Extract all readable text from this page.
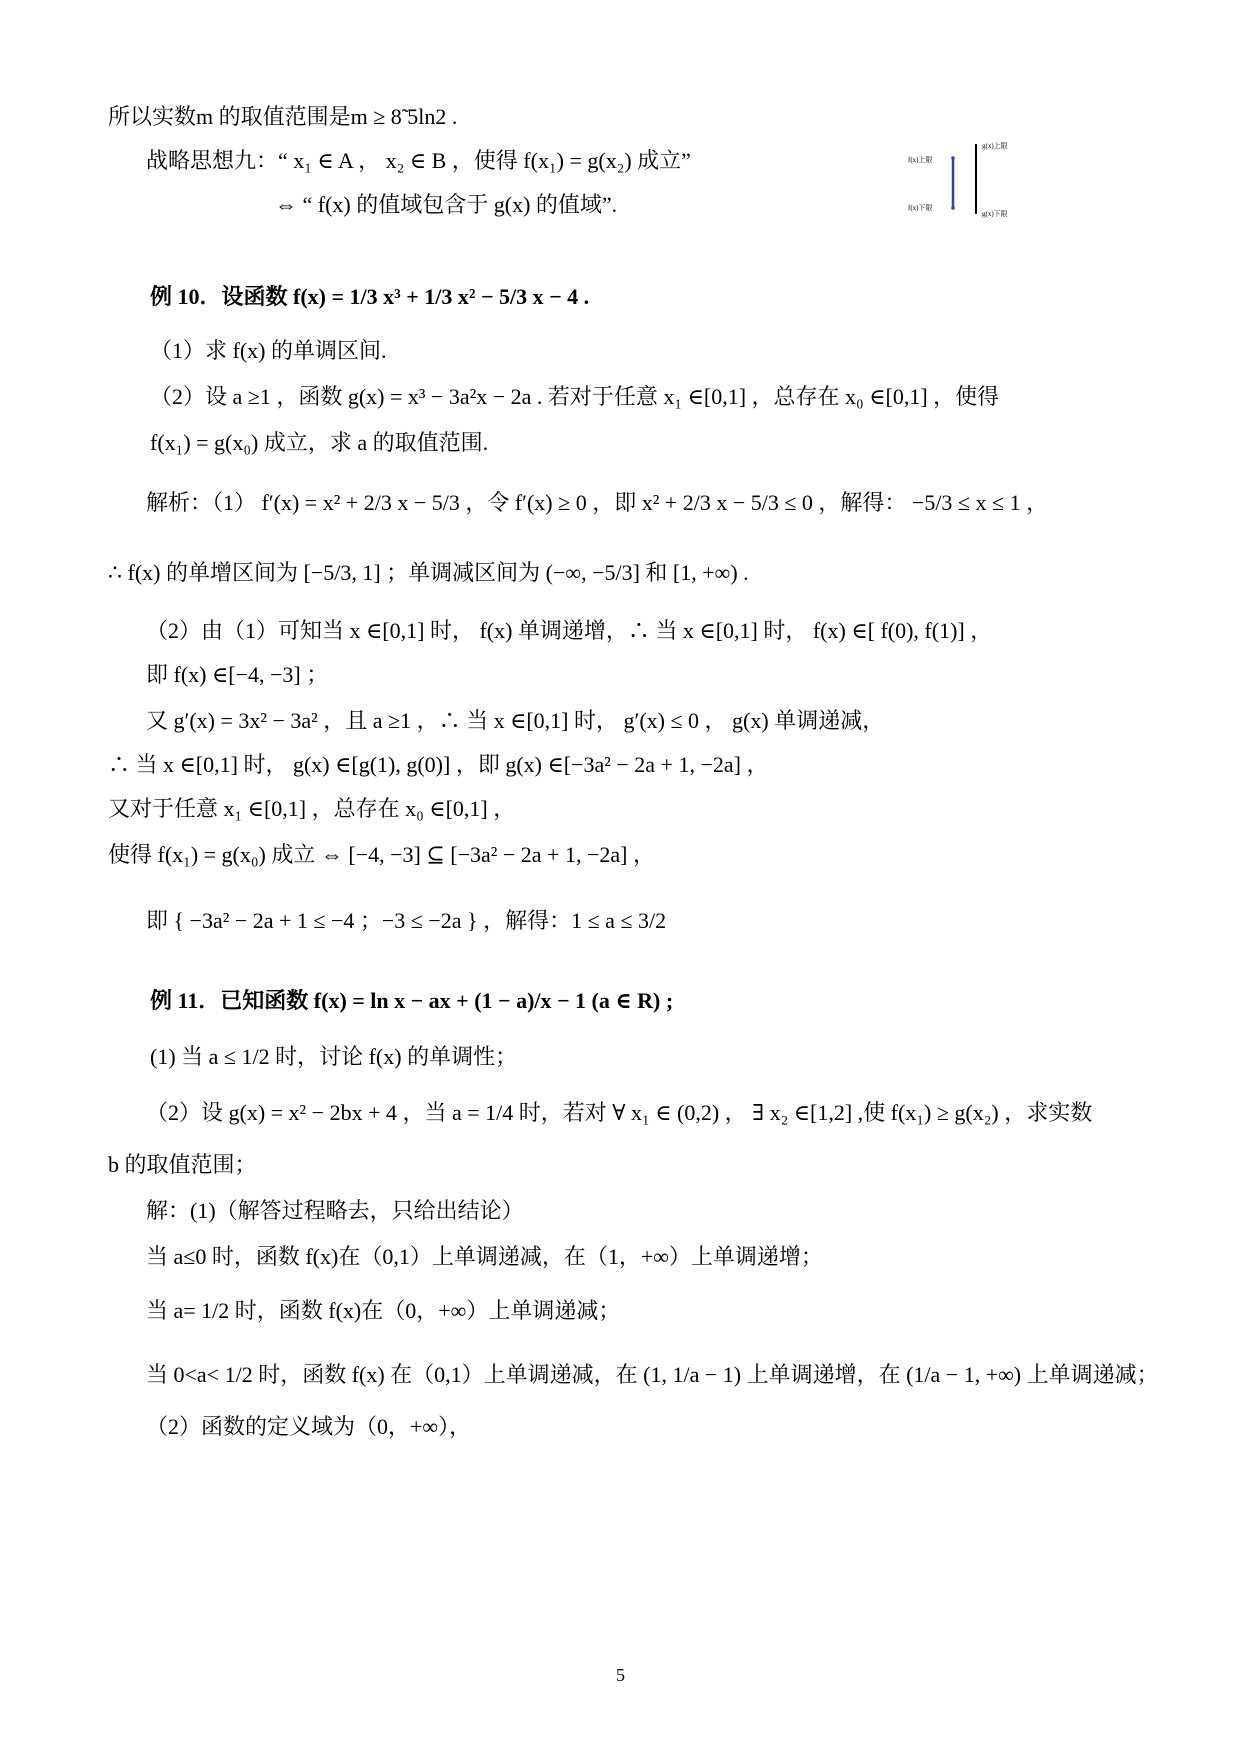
所以实数m 的取值范围是m ≥ 8̃ 5ln2 .
战略思想九：“ x₁ ∈ A ， x₂ ∈ B ，使得 f(x₁) = g(x₂) 成立”
⇔ “ f(x) 的值域包含于 g(x) 的值域”.
f(x)上限
f(x)下限
g(x)上限
g(x)下限
例 10．设函数 f(x) = 1/3 x³ + 1/3 x² − 5/3 x − 4 .
（1）求 f(x) 的单调区间.
（2）设 a ≥1 ，函数 g(x) = x³ − 3a²x − 2a . 若对于任意 x₁ ∈[0,1] ，总存在 x₀ ∈[0,1] ，使得
f(x₁) = g(x₀) 成立，求 a 的取值范围.
解析：（1） f′(x) = x² + 2/3 x − 5/3 ，令 f′(x) ≥ 0 ，即 x² + 2/3 x − 5/3 ≤ 0 ，解得： −5/3 ≤ x ≤ 1 ，
∴ f(x) 的单增区间为 [−5/3, 1] ；单调减区间为 (−∞, −5/3] 和 [1, +∞) .
（2）由（1）可知当 x ∈[0,1] 时， f(x) 单调递增，∴ 当 x ∈[0,1] 时， f(x) ∈[ f(0), f(1)] ，
即 f(x) ∈[−4, −3] ；
又 g′(x) = 3x² − 3a² ，且 a ≥1 ，∴ 当 x ∈[0,1] 时， g′(x) ≤ 0 ， g(x) 单调递减，
∴ 当 x ∈[0,1] 时， g(x) ∈[g(1), g(0)] ，即 g(x) ∈[−3a² − 2a + 1, −2a] ，
又对于任意 x₁ ∈[0,1] ，总存在 x₀ ∈[0,1] ，
使得 f(x₁) = g(x₀) 成立 ⇔ [−4, −3] ⊆ [−3a² − 2a + 1, −2a] ，
即 { −3a² − 2a + 1 ≤ −4 ；−3 ≤ −2a } ，解得：1 ≤ a ≤ 3/2
例 11．已知函数 f(x) = ln x − ax + (1 − a)/x − 1 (a ∈ R) ;
(1) 当 a ≤ 1/2 时，讨论 f(x) 的单调性；
（2）设 g(x) = x² − 2bx + 4 ，当 a = 1/4 时，若对 ∀ x₁ ∈ (0,2) ， ∃ x₂ ∈[1,2] ,使 f(x₁) ≥ g(x₂) ，求实数
b 的取值范围；
解：(1)（解答过程略去，只给出结论）
当 a≤0 时，函数 f(x)在（0,1）上单调递减，在（1，+∞）上单调递增；
当 a= 1/2 时，函数 f(x)在（0，+∞）上单调递减；
当 0<a< 1/2 时，函数 f(x) 在（0,1）上单调递减，在 (1, 1/a − 1) 上单调递增，在 (1/a − 1, +∞) 上单调递减；
（2）函数的定义域为（0，+∞），
5
